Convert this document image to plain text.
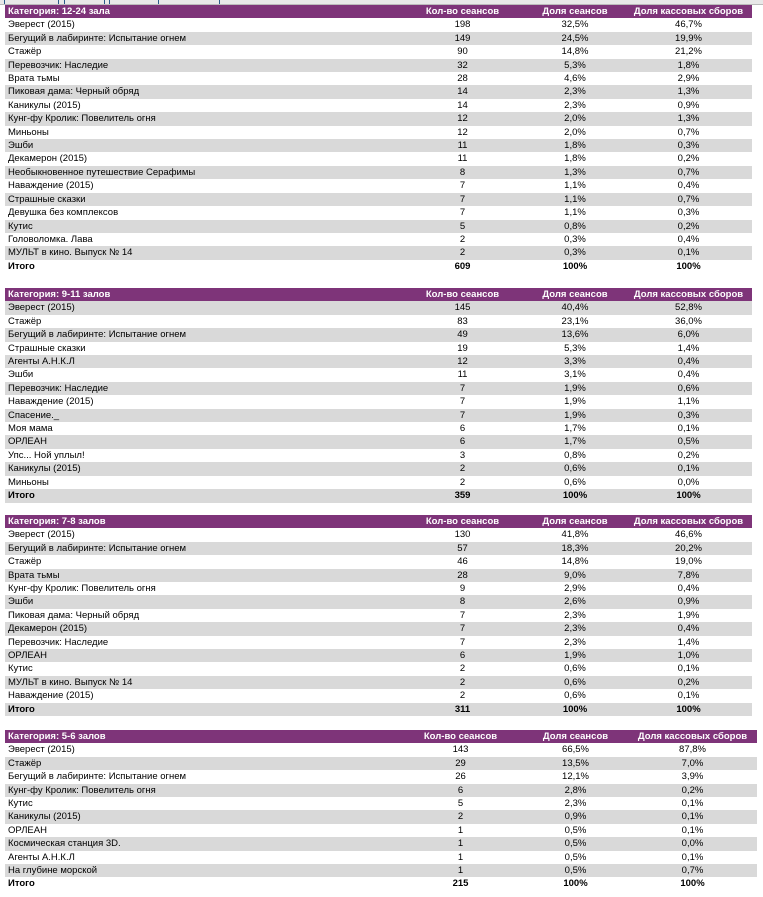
Категория: 12-24 зала	Кол-во сеансов	Доля сеансов	Доля кассовых сборов
Эверест (2015)	198	32,5%	46,7%
Бегущий в лабиринте: Испытание огнем	149	24,5%	19,9%
Стажёр	90	14,8%	21,2%
Перевозчик: Наследие	32	5,3%	1,8%
Врата тьмы	28	4,6%	2,9%
Пиковая дама: Черный обряд	14	2,3%	1,3%
Каникулы (2015)	14	2,3%	0,9%
Кунг-фу Кролик: Повелитель огня	12	2,0%	1,3%
Миньоны	12	2,0%	0,7%
Эшби	11	1,8%	0,3%
Декамерон (2015)	11	1,8%	0,2%
Необыкновенное путешествие Серафимы	8	1,3%	0,7%
Наваждение (2015)	7	1,1%	0,4%
Страшные сказки	7	1,1%	0,7%
Девушка без комплексов	7	1,1%	0,3%
Кутис	5	0,8%	0,2%
Головоломка. Лава	2	0,3%	0,4%
МУЛЬТ в кино. Выпуск № 14	2	0,3%	0,1%
Итого	609	100%	100%
Категория: 9-11 залов	Кол-во сеансов	Доля сеансов	Доля кассовых сборов
Эверест (2015)	145	40,4%	52,8%
Стажёр	83	23,1%	36,0%
Бегущий в лабиринте: Испытание огнем	49	13,6%	6,0%
Страшные сказки	19	5,3%	1,4%
Агенты А.Н.К.Л	12	3,3%	0,4%
Эшби	11	3,1%	0,4%
Перевозчик: Наследие	7	1,9%	0,6%
Наваждение (2015)	7	1,9%	1,1%
Спасение._	7	1,9%	0,3%
Моя мама	6	1,7%	0,1%
ОРЛЕАН	6	1,7%	0,5%
Упс... Ной уплыл!	3	0,8%	0,2%
Каникулы (2015)	2	0,6%	0,1%
Миньоны	2	0,6%	0,0%
Итого	359	100%	100%
Категория: 7-8 залов	Кол-во сеансов	Доля сеансов	Доля кассовых сборов
Эверест (2015)	130	41,8%	46,6%
Бегущий в лабиринте: Испытание огнем	57	18,3%	20,2%
Стажёр	46	14,8%	19,0%
Врата тьмы	28	9,0%	7,8%
Кунг-фу Кролик: Повелитель огня	9	2,9%	0,4%
Эшби	8	2,6%	0,9%
Пиковая дама: Черный обряд	7	2,3%	1,9%
Декамерон (2015)	7	2,3%	0,4%
Перевозчик: Наследие	7	2,3%	1,4%
ОРЛЕАН	6	1,9%	1,0%
Кутис	2	0,6%	0,1%
МУЛЬТ в кино. Выпуск № 14	2	0,6%	0,2%
Наваждение (2015)	2	0,6%	0,1%
Итого	311	100%	100%
Категория: 5-6 залов	Кол-во сеансов	Доля сеансов	Доля кассовых сборов
Эверест (2015)	143	66,5%	87,8%
Стажёр	29	13,5%	7,0%
Бегущий в лабиринте: Испытание огнем	26	12,1%	3,9%
Кунг-фу Кролик: Повелитель огня	6	2,8%	0,2%
Кутис	5	2,3%	0,1%
Каникулы (2015)	2	0,9%	0,1%
ОРЛЕАН	1	0,5%	0,1%
Космическая станция 3D.	1	0,5%	0,0%
Агенты А.Н.К.Л	1	0,5%	0,1%
На глубине морской	1	0,5%	0,7%
Итого	215	100%	100%
